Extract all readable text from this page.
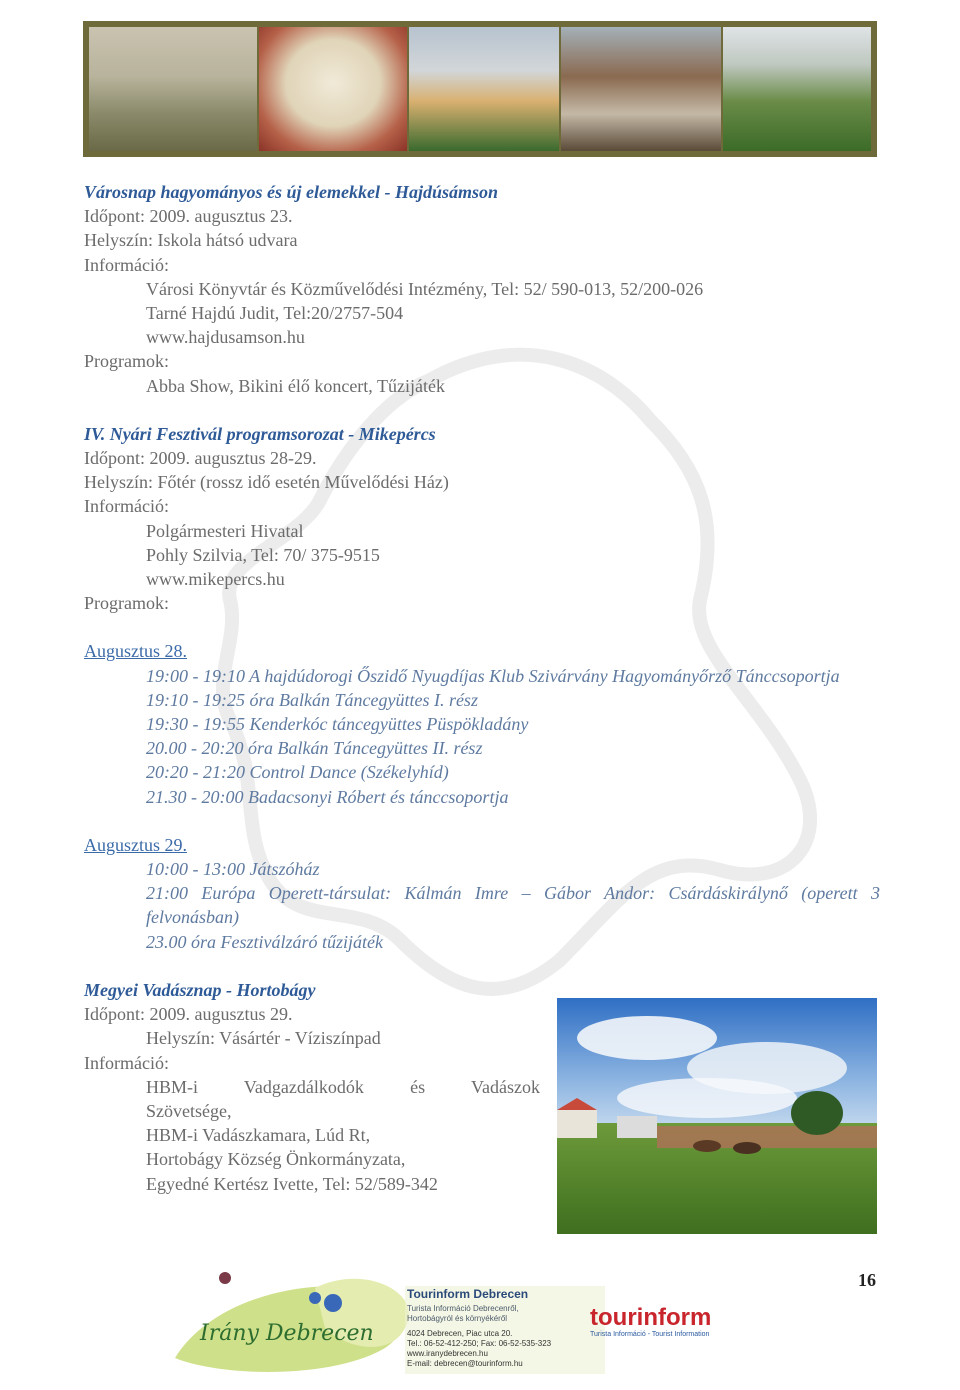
Városnap hagyományos és új elemekkel - Hajdúsámson
Időpont: 2009. augusztus 23.
Helyszín: Iskola hátsó udvara
Információ:
Városi Könyvtár és Közművelődési Intézmény, Tel: 52/ 590-013, 52/200-026
Tarné Hajdú Judit, Tel:20/2757-504
www.hajdusamson.hu
Programok:
Abba Show, Bikini élő koncert, Tűzijáték
IV. Nyári Fesztivál programsorozat - Mikepércs
Időpont: 2009. augusztus 28-29.
Helyszín: Főtér (rossz idő esetén Művelődési Ház)
Információ:
Polgármesteri Hivatal
Pohly Szilvia, Tel: 70/ 375-9515
www.mikepercs.hu
Programok:
Augusztus 28.
19:00 - 19:10 A hajdúdorogi Őszidő Nyugdíjas Klub Szivárvány Hagyományőrző Tánccsoportja
19:10 - 19:25 óra Balkán Táncegyüttes I. rész
19:30 - 19:55 Kenderkóc táncegyüttes Püspökladány
20.00 - 20:20 óra Balkán Táncegyüttes II. rész
20:20 - 21:20 Control Dance (Székelyhíd)
21.30 - 20:00 Badacsonyi Róbert és tánccsoportja
Augusztus 29.
10:00 - 13:00 Játszóház
21:00 Európa Operett-társulat: Kálmán Imre – Gábor Andor: Csárdáskirálynő (operett 3 felvonásban)
23.00 óra Fesztiválzáró tűzijáték
Megyei Vadásznap - Hortobágy
Időpont: 2009. augusztus 29.
Helyszín: Vásártér - Víziszínpad
Információ:
HBM-i Vadgazdálkodók és Vadászok
Szövetsége,
HBM-i Vadászkamara, Lúd Rt,
Hortobágy Község Önkormányzata,
Egyedné Kertész Ivette, Tel: 52/589-342
16
Irány Debrecen
Tourinform Debrecen
Turista Információ Debrecenről,
Hortobágyról és környékéről
4024 Debrecen, Piac utca 20.
Tel.: 06-52-412-250; Fax: 06-52-535-323
www.iranydebrecen.hu
E-mail: debrecen@tourinform.hu
tourinform
Turista Információ - Tourist Information
